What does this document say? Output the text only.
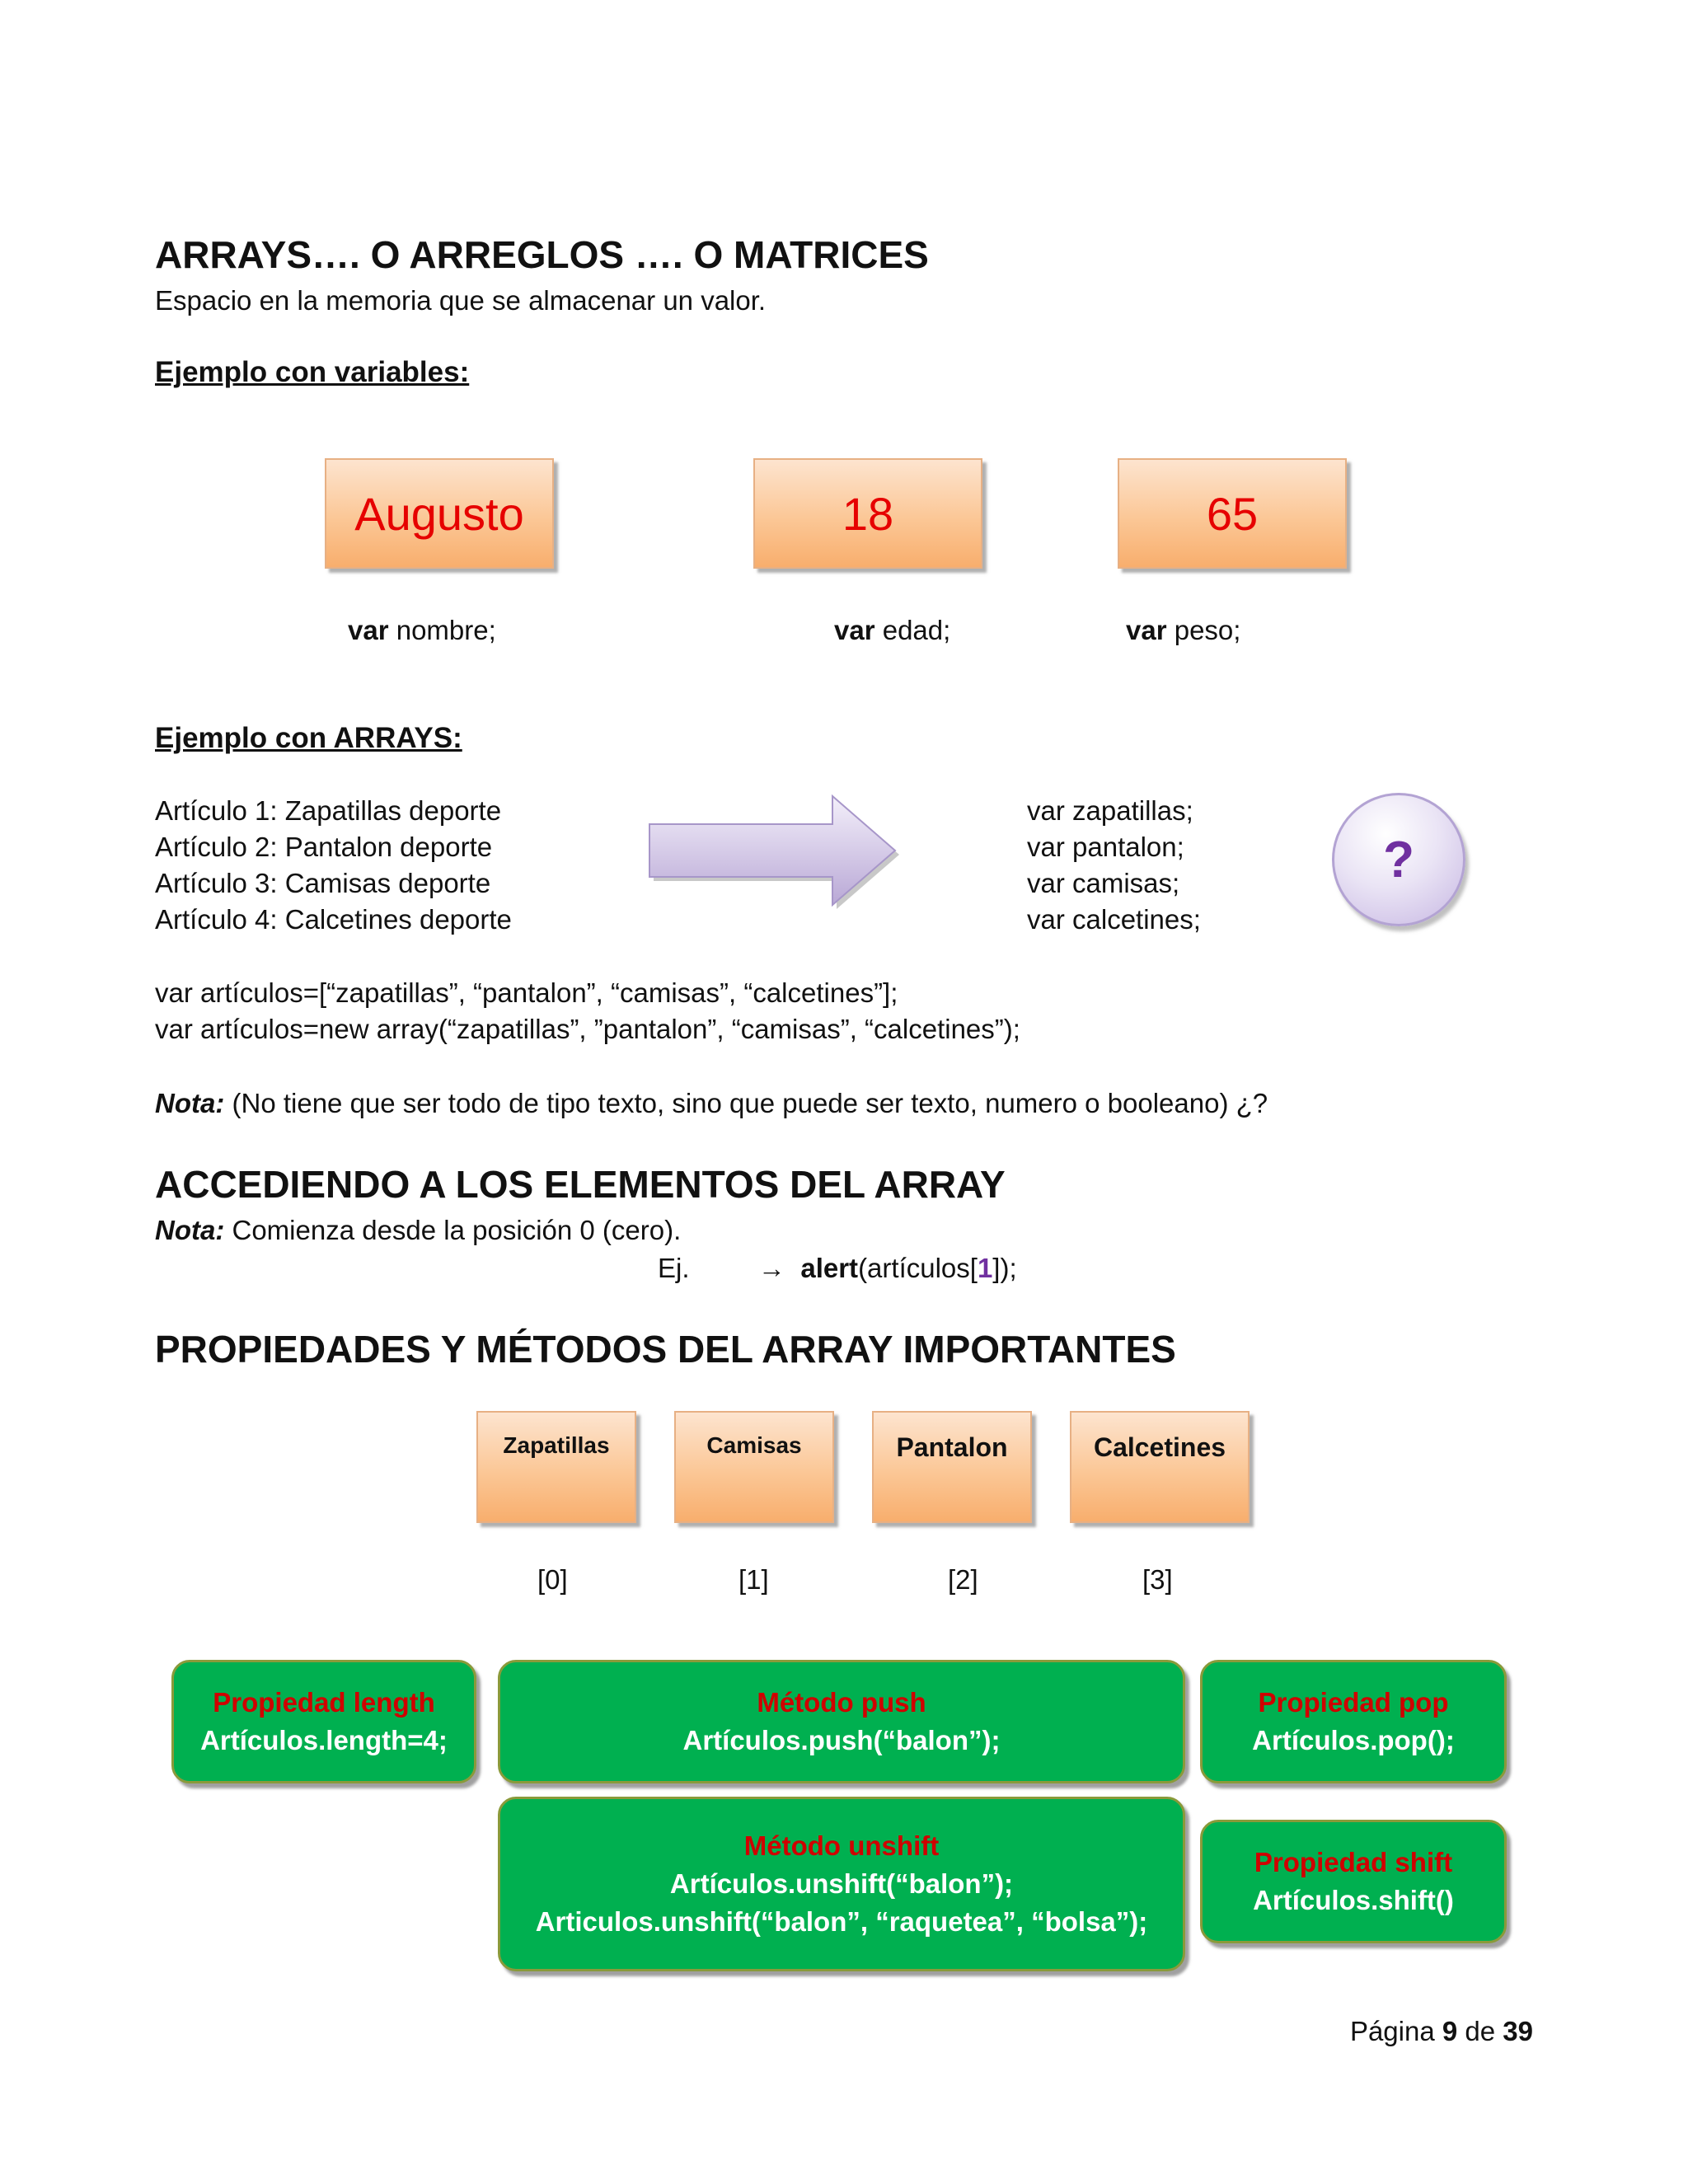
ARRAYS…. O ARREGLOS …. O MATRICES
Espacio en la memoria que se almacenar un valor.
Ejemplo con variables:
Augusto	18	65
var nombre;	var edad;	var peso;
Ejemplo con ARRAYS:
Artículo 1: Zapatillas deporte
Artículo 2: Pantalon deporte
Artículo 3: Camisas deporte
Artículo 4: Calcetines deporte
var zapatillas;
var pantalon;
var camisas;
var calcetines;
?
var artículos=[“zapatillas”, “pantalon”, “camisas”, “calcetines”];
var artículos=new array(“zapatillas”, ”pantalon”, “camisas”, “calcetines”);
Nota: (No tiene que ser todo de tipo texto, sino que puede ser texto, numero o booleano) ¿?
ACCEDIENDO A LOS ELEMENTOS DEL ARRAY
Nota: Comienza desde la posición 0 (cero).
Ej.	→ alert(artículos[1]);
PROPIEDADES Y MÉTODOS DEL ARRAY IMPORTANTES
Zapatillas	Camisas	Pantalon	Calcetines
[0]	[1]	[2]	[3]
Propiedad length
Artículos.length=4;
Método push
Artículos.push(“balon”);
Propiedad pop
Artículos.pop();
Método unshift
Artículos.unshift(“balon”);
Articulos.unshift(“balon”, “raquetea”, “bolsa”);
Propiedad shift
Artículos.shift()
Página 9 de 39
